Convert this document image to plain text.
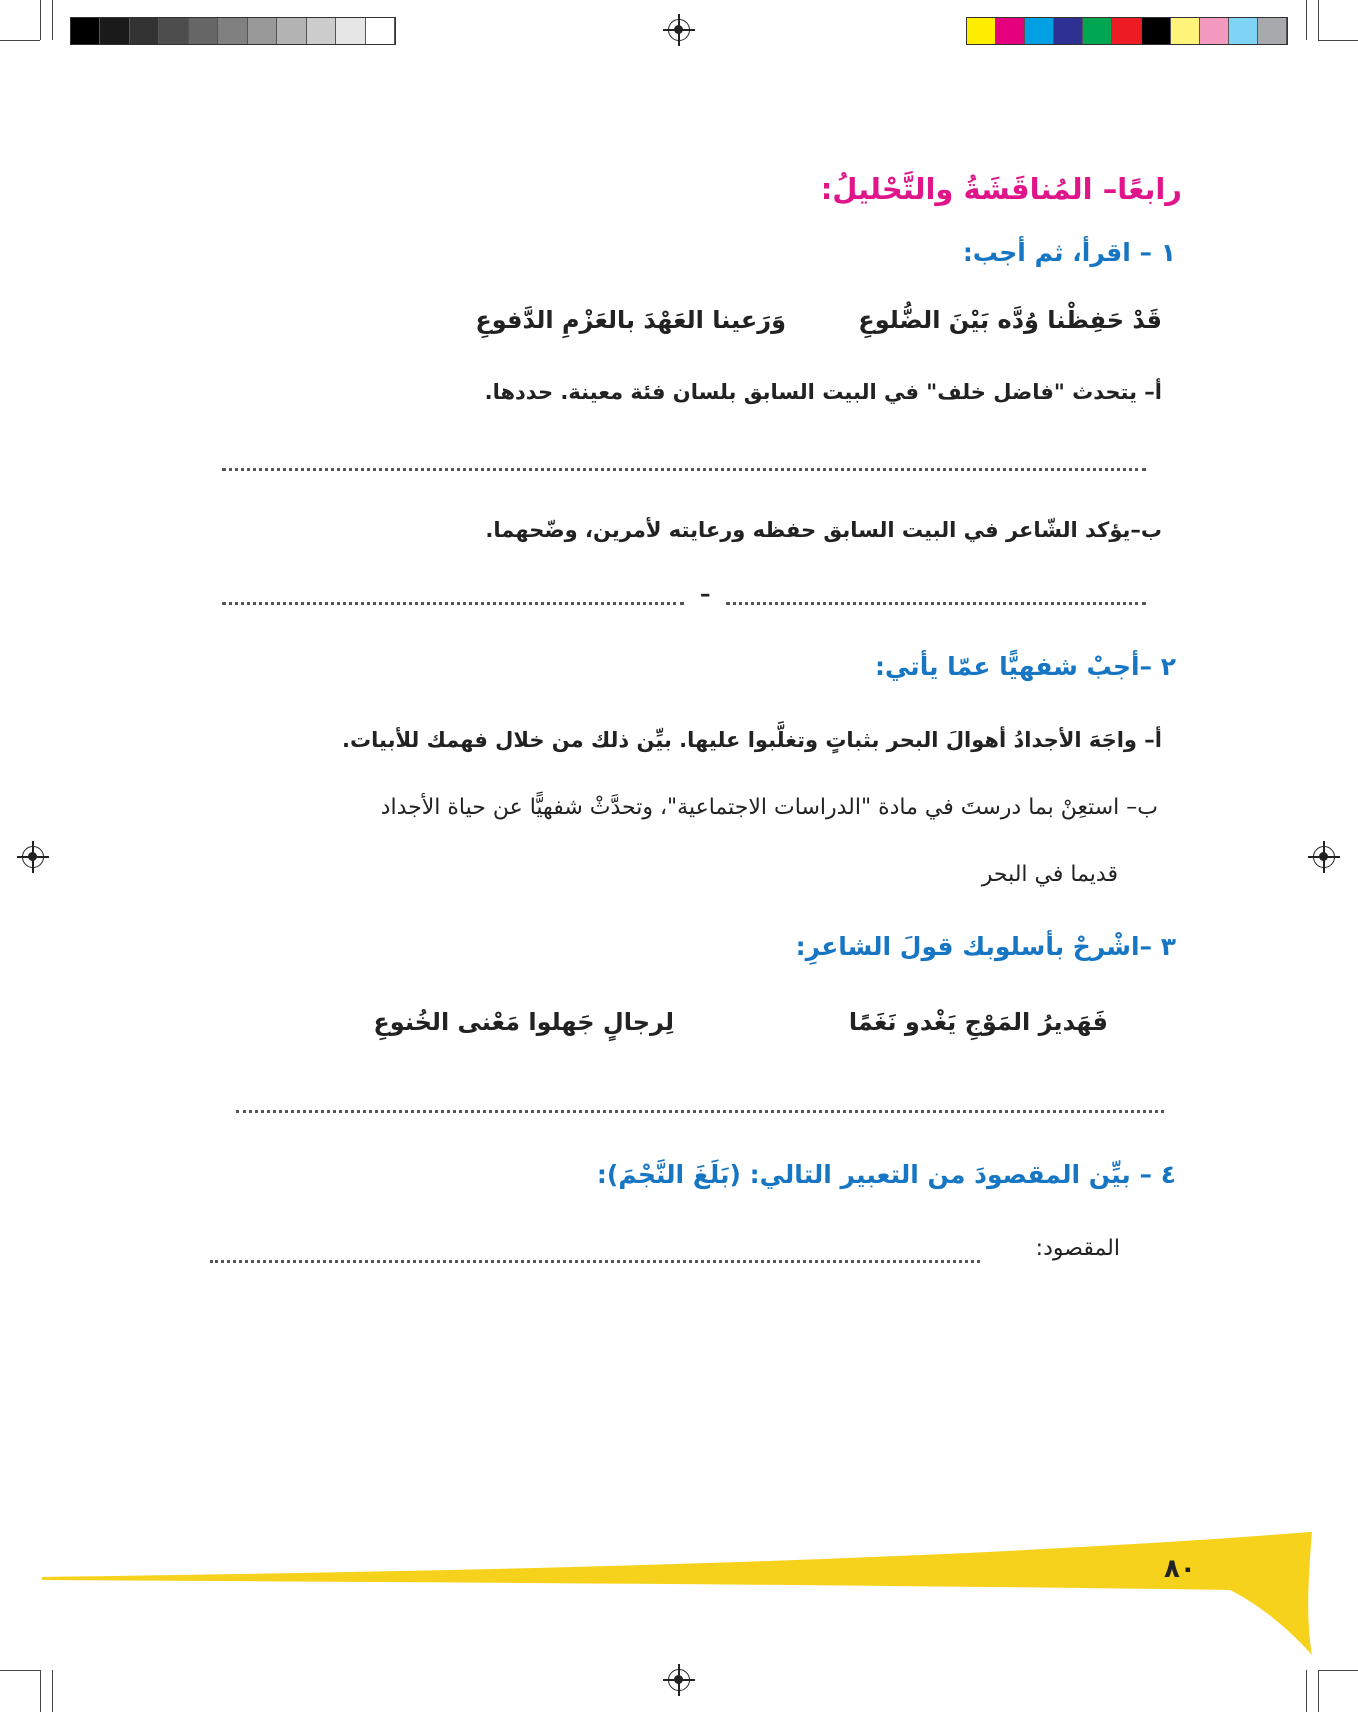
رابعًا– المُناقَشَةُ والتَّحْليلُ:
١ – اقرأ، ثم أجب:
قَدْ حَفِظْنا وُدَّه بَيْنَ الضُّلوعِ
وَرَعينا العَهْدَ بالعَزْمِ الدَّفوعِ
أ– يتحدث "فاضل خلف" في البيت السابق بلسان فئة معينة. حددها.
ب–يؤكد الشّاعر في البيت السابق حفظه ورعايته لأمرين، وضّحهما.
–
٢ –أجبْ شفهيًّا عمّا يأتي:
أ– واجَهَ الأجدادُ أهوالَ البحر بثباتٍ وتغلَّبوا عليها. بيِّن ذلك من خلال فهمك للأبيات.
ب– استعِنْ بما درستَ في مادة "الدراسات الاجتماعية"، وتحدَّثْ شفهيًّا عن حياة الأجداد
قديما في البحر
٣ –اشْرحْ بأسلوبك قولَ الشاعرِ:
فَهَديرُ المَوْجِ يَغْدو نَغَمًا
لِرجالٍ جَهلوا مَعْنى الخُنوعِ
٤ – بيِّن المقصودَ من التعبير التالي: (بَلَغَ النَّجْمَ):
المقصود:
٨٠
